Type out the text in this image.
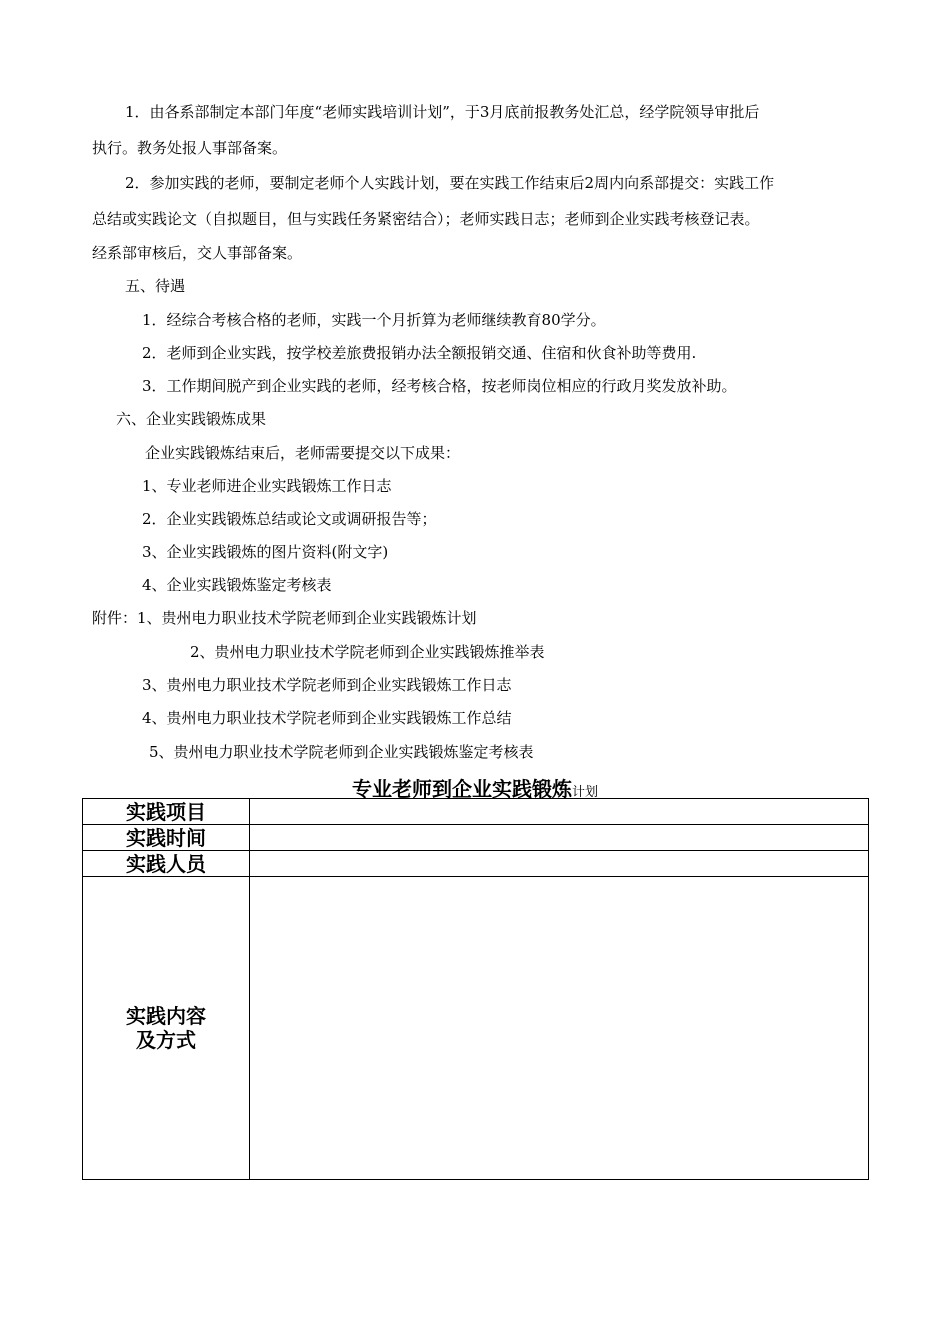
1．由各系部制定本部门年度“老师实践培训计划”，于3月底前报教务处汇总，经学院领导审批后
执行。教务处报人事部备案。
2．参加实践的老师，要制定老师个人实践计划，要在实践工作结束后2周内向系部提交：实践工作
总结或实践论文（自拟题目，但与实践任务紧密结合）；老师实践日志；老师到企业实践考核登记表。
经系部审核后，交人事部备案。
五、待遇
1．经综合考核合格的老师，实践一个月折算为老师继续教育80学分。
2．老师到企业实践，按学校差旅费报销办法全额报销交通、住宿和伙食补助等费用.
3．工作期间脱产到企业实践的老师，经考核合格，按老师岗位相应的行政月奖发放补助。
六、企业实践锻炼成果
企业实践锻炼结束后，老师需要提交以下成果：
1、专业老师进企业实践锻炼工作日志
2．企业实践锻炼总结或论文或调研报告等；
3、企业实践锻炼的图片资料(附文字)
4、企业实践锻炼鉴定考核表
附件：1、贵州电力职业技术学院老师到企业实践锻炼计划
2、贵州电力职业技术学院老师到企业实践锻炼推举表
3、贵州电力职业技术学院老师到企业实践锻炼工作日志
4、贵州电力职业技术学院老师到企业实践锻炼工作总结
5、贵州电力职业技术学院老师到企业实践锻炼鉴定考核表
专业老师到企业实践锻炼计划
实践项目	
实践时间	
实践人员	
实践内容
及方式	
